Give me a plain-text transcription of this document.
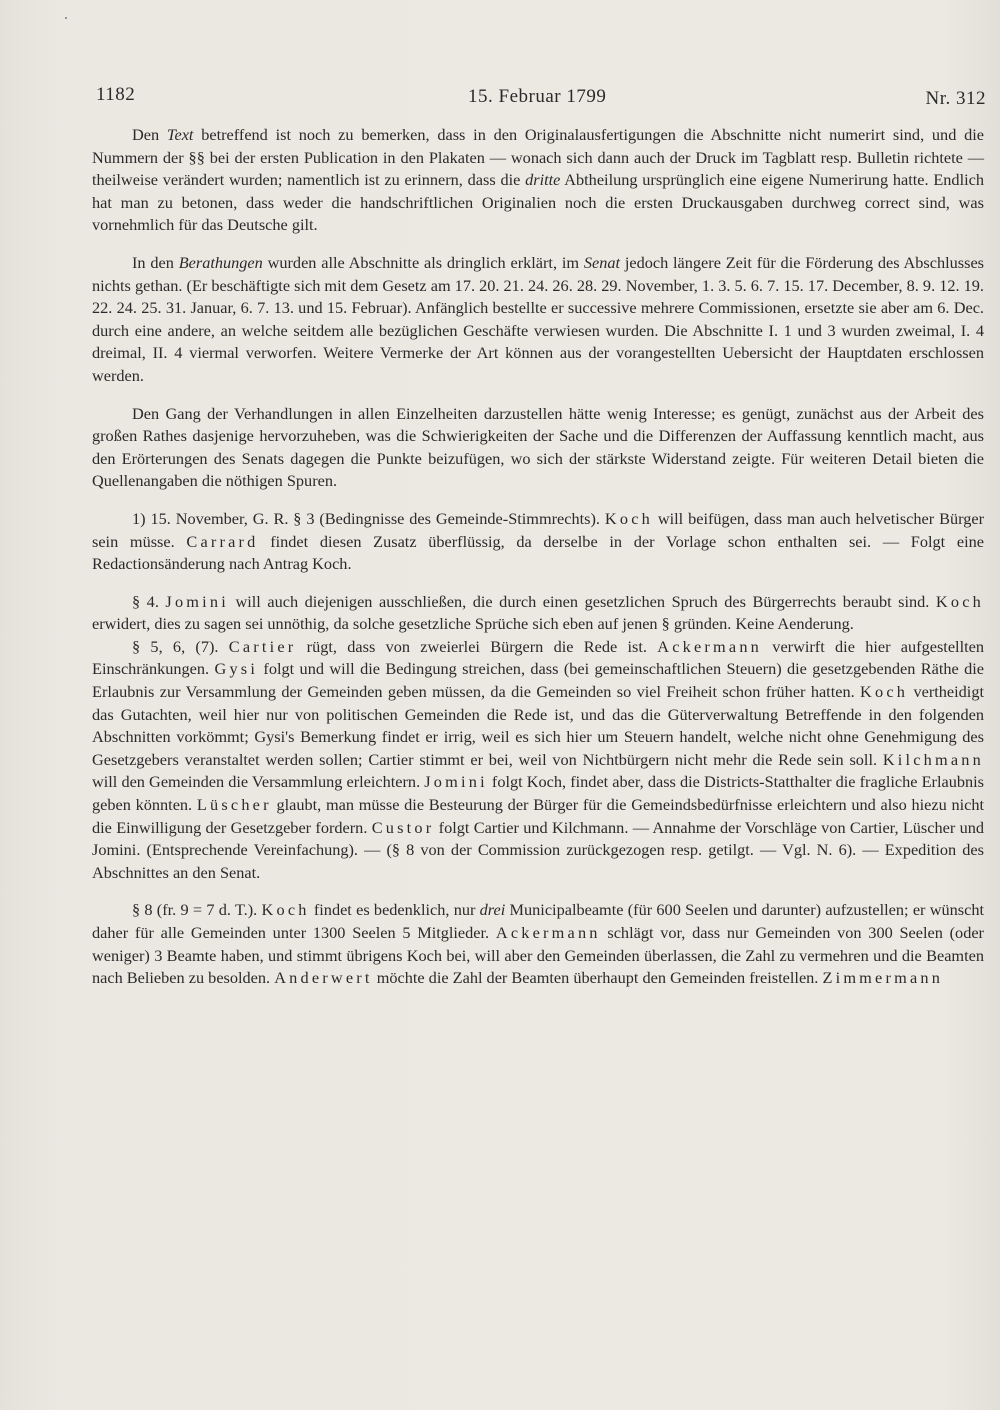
1182	15. Februar 1799	Nr. 312

Den Text betreffend ist noch zu bemerken, dass in den Originalausfertigungen die Abschnitte nicht numerirt sind, und die Nummern der §§ bei der ersten Publication in den Plakaten — wonach sich dann auch der Druck im Tagblatt resp. Bulletin richtete — theilweise verändert wurden; namentlich ist zu erinnern, dass die dritte Abtheilung ursprünglich eine eigene Numerirung hatte. Endlich hat man zu betonen, dass weder die handschriftlichen Originalien noch die ersten Druckausgaben durchweg correct sind, was vornehmlich für das Deutsche gilt.

In den Berathungen wurden alle Abschnitte als dringlich erklärt, im Senat jedoch längere Zeit für die Förderung des Abschlusses nichts gethan. (Er beschäftigte sich mit dem Gesetz am 17. 20. 21. 24. 26. 28. 29. November, 1. 3. 5. 6. 7. 15. 17. December, 8. 9. 12. 19. 22. 24. 25. 31. Januar, 6. 7. 13. und 15. Februar). Anfänglich bestellte er successive mehrere Commissionen, ersetzte sie aber am 6. Dec. durch eine andere, an welche seitdem alle bezüglichen Geschäfte verwiesen wurden. Die Abschnitte I. 1 und 3 wurden zweimal, I. 4 dreimal, II. 4 viermal verworfen. Weitere Vermerke der Art können aus der vorangestellten Uebersicht der Hauptdaten erschlossen werden.

Den Gang der Verhandlungen in allen Einzelheiten darzustellen hätte wenig Interesse; es genügt, zunächst aus der Arbeit des großen Rathes dasjenige hervorzuheben, was die Schwierigkeiten der Sache und die Differenzen der Auffassung kenntlich macht, aus den Erörterungen des Senats dagegen die Punkte beizufügen, wo sich der stärkste Widerstand zeigte. Für weiteren Detail bieten die Quellenangaben die nöthigen Spuren.

1) 15. November, G. R. § 3 (Bedingnisse des Gemeinde-Stimmrechts). Koch will beifügen, dass man auch helvetischer Bürger sein müsse. Carrard findet diesen Zusatz überflüssig, da derselbe in der Vorlage schon enthalten sei. — Folgt eine Redactionsänderung nach Antrag Koch.

§ 4. Jomini will auch diejenigen ausschließen, die durch einen gesetzlichen Spruch des Bürgerrechts beraubt sind. Koch erwidert, dies zu sagen sei unnöthig, da solche gesetzliche Sprüche sich eben auf jenen § gründen. Keine Aenderung.

§ 5, 6, (7). Cartier rügt, dass von zweierlei Bürgern die Rede ist. Ackermann verwirft die hier aufgestellten Einschränkungen. Gysi folgt und will die Bedingung streichen, dass (bei gemeinschaftlichen Steuern) die gesetzgebenden Räthe die Erlaubnis zur Versammlung der Gemeinden geben müssen, da die Gemeinden so viel Freiheit schon früher hatten. Koch vertheidigt das Gutachten, weil hier nur von politischen Gemeinden die Rede ist, und das die Güterverwaltung Betreffende in den folgenden Abschnitten vorkömmt; Gysi's Bemerkung findet er irrig, weil es sich hier um Steuern handelt, welche nicht ohne Genehmigung des Gesetzgebers veranstaltet werden sollen; Cartier stimmt er bei, weil von Nichtbürgern nicht mehr die Rede sein soll. Kilchmann will den Gemeinden die Versammlung erleichtern. Jomini folgt Koch, findet aber, dass die Districts-Statthalter die fragliche Erlaubnis geben könnten. Lüscher glaubt, man müsse die Besteurung der Bürger für die Gemeindsbedürfnisse erleichtern und also hiezu nicht die Einwilligung der Gesetzgeber fordern. Custor folgt Cartier und Kilchmann. — Annahme der Vorschläge von Cartier, Lüscher und Jomini. (Entsprechende Vereinfachung). — (§ 8 von der Commission zurückgezogen resp. getilgt. — Vgl. N. 6). — Expedition des Abschnittes an den Senat.

§ 8 (fr. 9 = 7 d. T.). Koch findet es bedenklich, nur drei Municipalbeamte (für 600 Seelen und darunter) aufzustellen; er wünscht daher für alle Gemeinden unter 1300 Seelen 5 Mitglieder. Ackermann schlägt vor, dass nur Gemeinden von 300 Seelen (oder weniger) 3 Beamte haben, und stimmt übrigens Koch bei, will aber den Gemeinden überlassen, die Zahl zu vermehren und die Beamten nach Belieben zu besolden. Anderwert möchte die Zahl der Beamten überhaupt den Gemeinden freistellen. Zimmermann
